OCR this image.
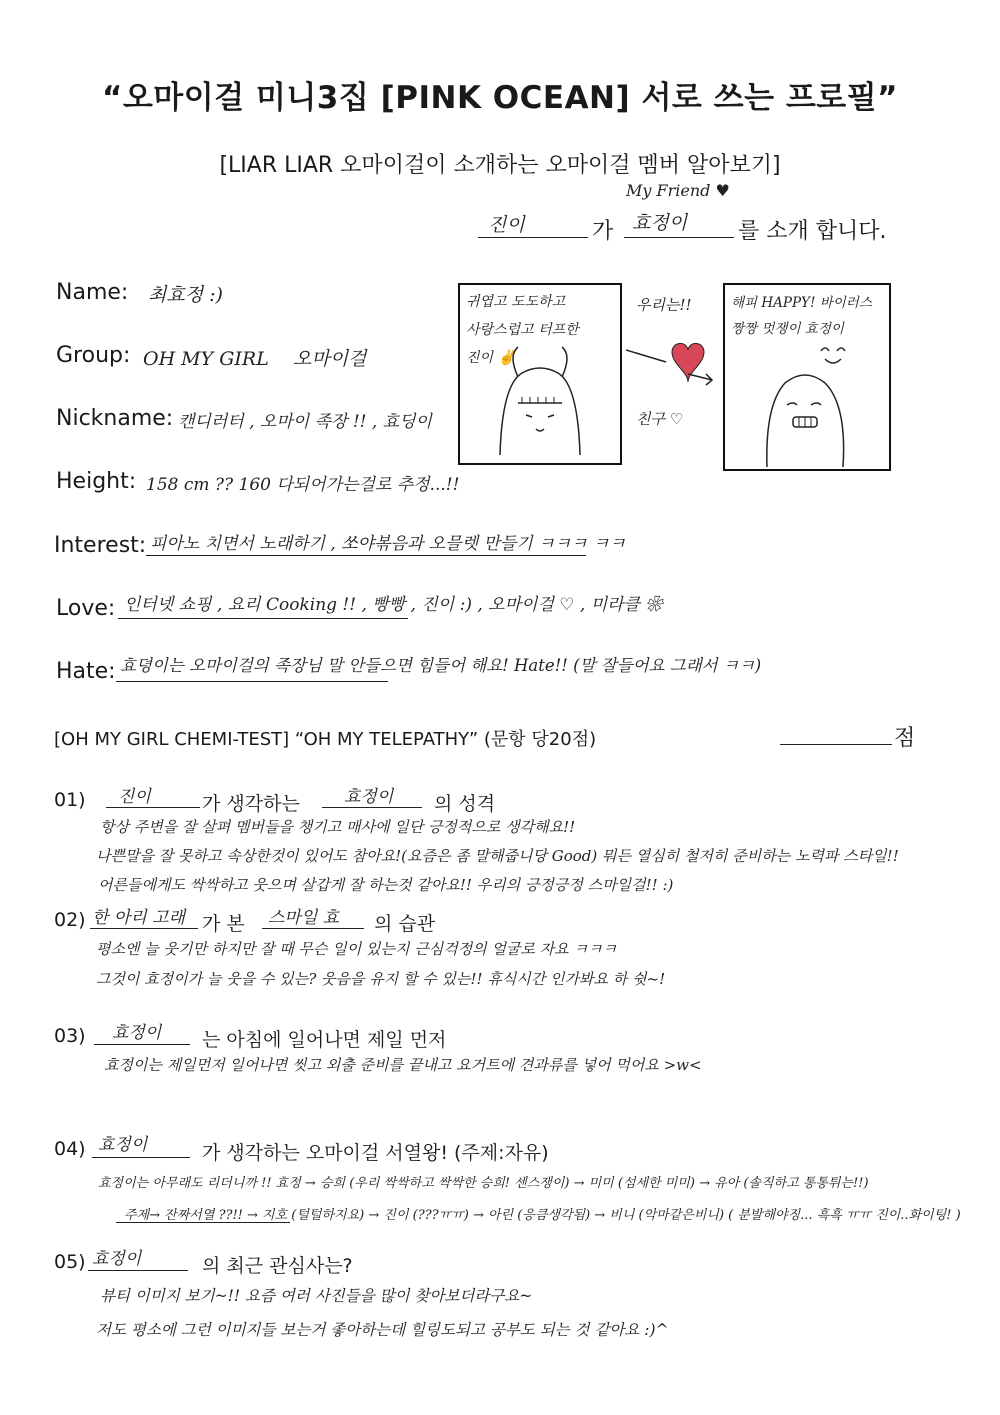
“오마이걸 미니3집 [PINK OCEAN] 서로 쓰는 프로필”
[LIAR LIAR 오마이걸이 소개하는 오마이걸 멤버 알아보기]
진이	가
My Friend ♥
효정이 를 소개 합니다.
Name: 최효정 :)
Group: OH MY GIRL    오마이걸
Nickname: 캔디러터 , 오마이 족장 !! , 효딩이
Height: 158 cm ?? 160 다되어가는걸로 추정...!!
Interest: 피아노 치면서 노래하기 , 쏘야볶음과 오믈렛 만들기 ㅋㅋㅋ ㅋㅋ
Love: 인터넷 쇼핑 , 요리 Cooking !! , 빵빵 , 진이 :) , 오마이걸 ♡ , 미라클 ❀
Hate: 효뎡이는 오마이걸의 족장님 말 안들으면 힘들어 해요! Hate!! (말 잘들어요 그래서 ㅋㅋ)
귀엽고 도도하고
사랑스럽고 터프한
진이 ✌
우리는!!
친구 ♡
해피 HAPPY! 바이러스
짱짱 멋쟁이 효정이
[OH MY GIRL CHEMI-TEST] “OH MY TELEPATHY” (문항 당20점)	점
01) 진이	가 생각하는	효정이 의 성격
항상 주변을 잘 살펴 멤버들을 챙기고 매사에 일단 긍정적으로 생각해요!!
나쁜말을 잘 못하고 속상한것이 있어도 참아요!(요즘은 좀 말해줍니당 Good) 뭐든 열심히 철저히 준비하는 노력파 스타일!!
어른들에게도 싹싹하고 웃으며 살갑게 잘 하는것 같아요!! 우리의 긍정긍정 스마일걸!! :)
02) 한 아리 고래 가 본 스마일 효 의 습관
평소엔 늘 웃기만 하지만 잘 때 무슨 일이 있는지 근심걱정의 얼굴로 자요 ㅋㅋㅋ
그것이 효정이가 늘 웃을 수 있는? 웃음을 유지 할 수 있는!! 휴식시간 인가봐요 하 쉿~!
03) 효정이 는 아침에 일어나면 제일 먼저
효정이는 제일먼저 일어나면 씻고 외출 준비를 끝내고 요거트에 견과류를 넣어 먹어요 >w<
04) 효정이	가 생각하는 오마이걸 서열왕! (주제:자유)
효정이는 아무래도 리더니까 !! 효정 → 승희 (우리 싹싹하고 싹싹한 승희! 센스쟁이) → 미미 (섬세한 미미) → 유아 (솔직하고 통통튀는!!)
주제→ 잔짜서열 ??!! → 지호 (털털하지요) → 진이 (???ㅠㅠ) → 아린 (응큼생각됨) → 비니 (악마같은비니) ( 분발해야징... 흑흑 ㅠㅠ 진이..화이팅! )
05) 효정이	의 최근 관심사는?
뷰티 이미지 보기~!! 요즘 여러 사진들을 많이 찾아보더라구요~
저도 평소에 그런 이미지들 보는거 좋아하는데 힐링도되고 공부도 되는 것 같아요 :)^
